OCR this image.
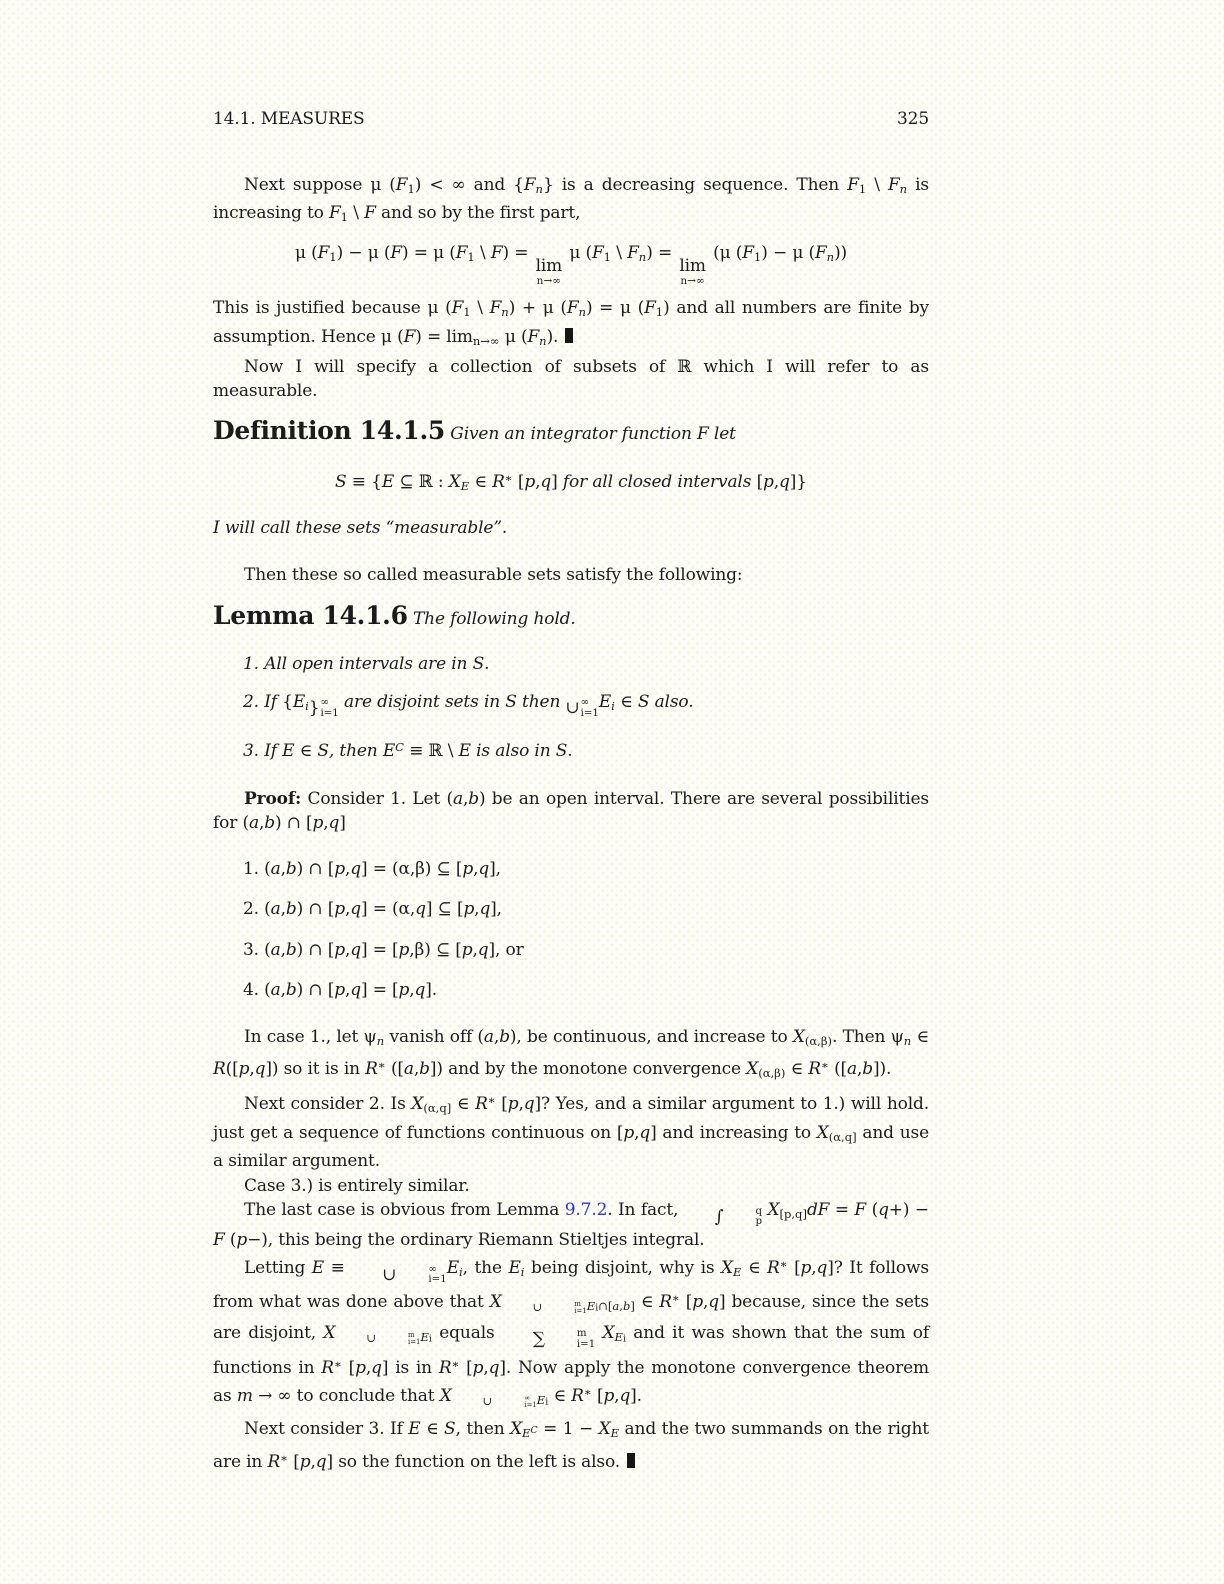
14.1. MEASURES	325

Next suppose μ (F1) < ∞ and {Fn} is a decreasing sequence. Then F1 \ Fn is increasing to F1 \ F and so by the first part,

μ (F1) − μ (F) = μ (F1 \ F) =
lim
n→∞
μ (F1 \ Fn) =
lim
n→∞
(μ (F1) − μ (Fn))

This is justified because μ (F1 \ Fn) + μ (Fn) = μ (F1) and all numbers are finite by assumption. Hence μ (F) = limn→∞ μ (Fn).

Now I will specify a collection of subsets of ℝ which I will refer to as measurable.

Definition 14.1.5 Given an integrator function F let
S ≡ {E ⊆ ℝ : XE ∈ R∗ [p,q] for all closed intervals [p,q]}

I will call these sets “measurable”.

Then these so called measurable sets satisfy the following:

Lemma 14.1.6 The following hold.
1. All open intervals are in S.
2. If {Ei } ∞
i=1
are disjoint sets in S then ∪ ∞
i=1
Ei ∈ S also.
3. If E ∈ S, then $E^C$ ≡ ℝ \ E is also in S.

Proof: Consider 1. Let (a,b) be an open interval. There are several possibilities for (a,b) ∩ [p,q]

1. (a,b) ∩ [p,q] = (α,β) ⊆ [p,q],
2. (a,b) ∩ [p,q] = (α,q] ⊆ [p,q],
3. (a,b) ∩ [p,q] = [p,β) ⊆ [p,q], or
4. (a,b) ∩ [p,q] = [p,q].

In case 1., let ψn vanish off (a,b), be continuous, and increase to X(α,β). Then ψn ∈ R([p,q]) so it is in R∗ ([a,b]) and by the monotone convergence X(α,β) ∈ R∗ ([a,b]).

Next consider 2. Is X(α,q] ∈ R∗ [p,q]? Yes, and a similar argument to 1.) will hold. just get a sequence of functions continuous on [p,q] and increasing to X(α,q] and use a similar argument.

Case 3.) is entirely similar.

The last case is obvious from Lemma 9.7.2. In fact,	∫	q
p
X[p,q]dF = F (q+) − F (p−), this being the ordinary Riemann Stieltjes integral.

Letting E ≡	∪	∞
i=1
Ei, the Ei being disjoint, why is XE ∈ R∗ [p,q]? It follows from what was done above that X	∪	m
i=1 $E_i\cap[a,b]$ ∈ R∗ [p,q] because, since the sets are disjoint, X	∪	m
i=1 $E_i$ equals	∑	m
i=1
$XE_i$ and it was shown that the sum of functions in R∗ [p,q] is in R∗ [p,q]. Now apply the monotone convergence theorem as m → ∞ to conclude that X	∪	∞
i=1 $E_i$ ∈ R∗ [p,q].

Next consider 3. If E ∈ S, then XEC = 1 − XE and the two summands on the right are in R∗ [p,q] so the function on the left is also.
